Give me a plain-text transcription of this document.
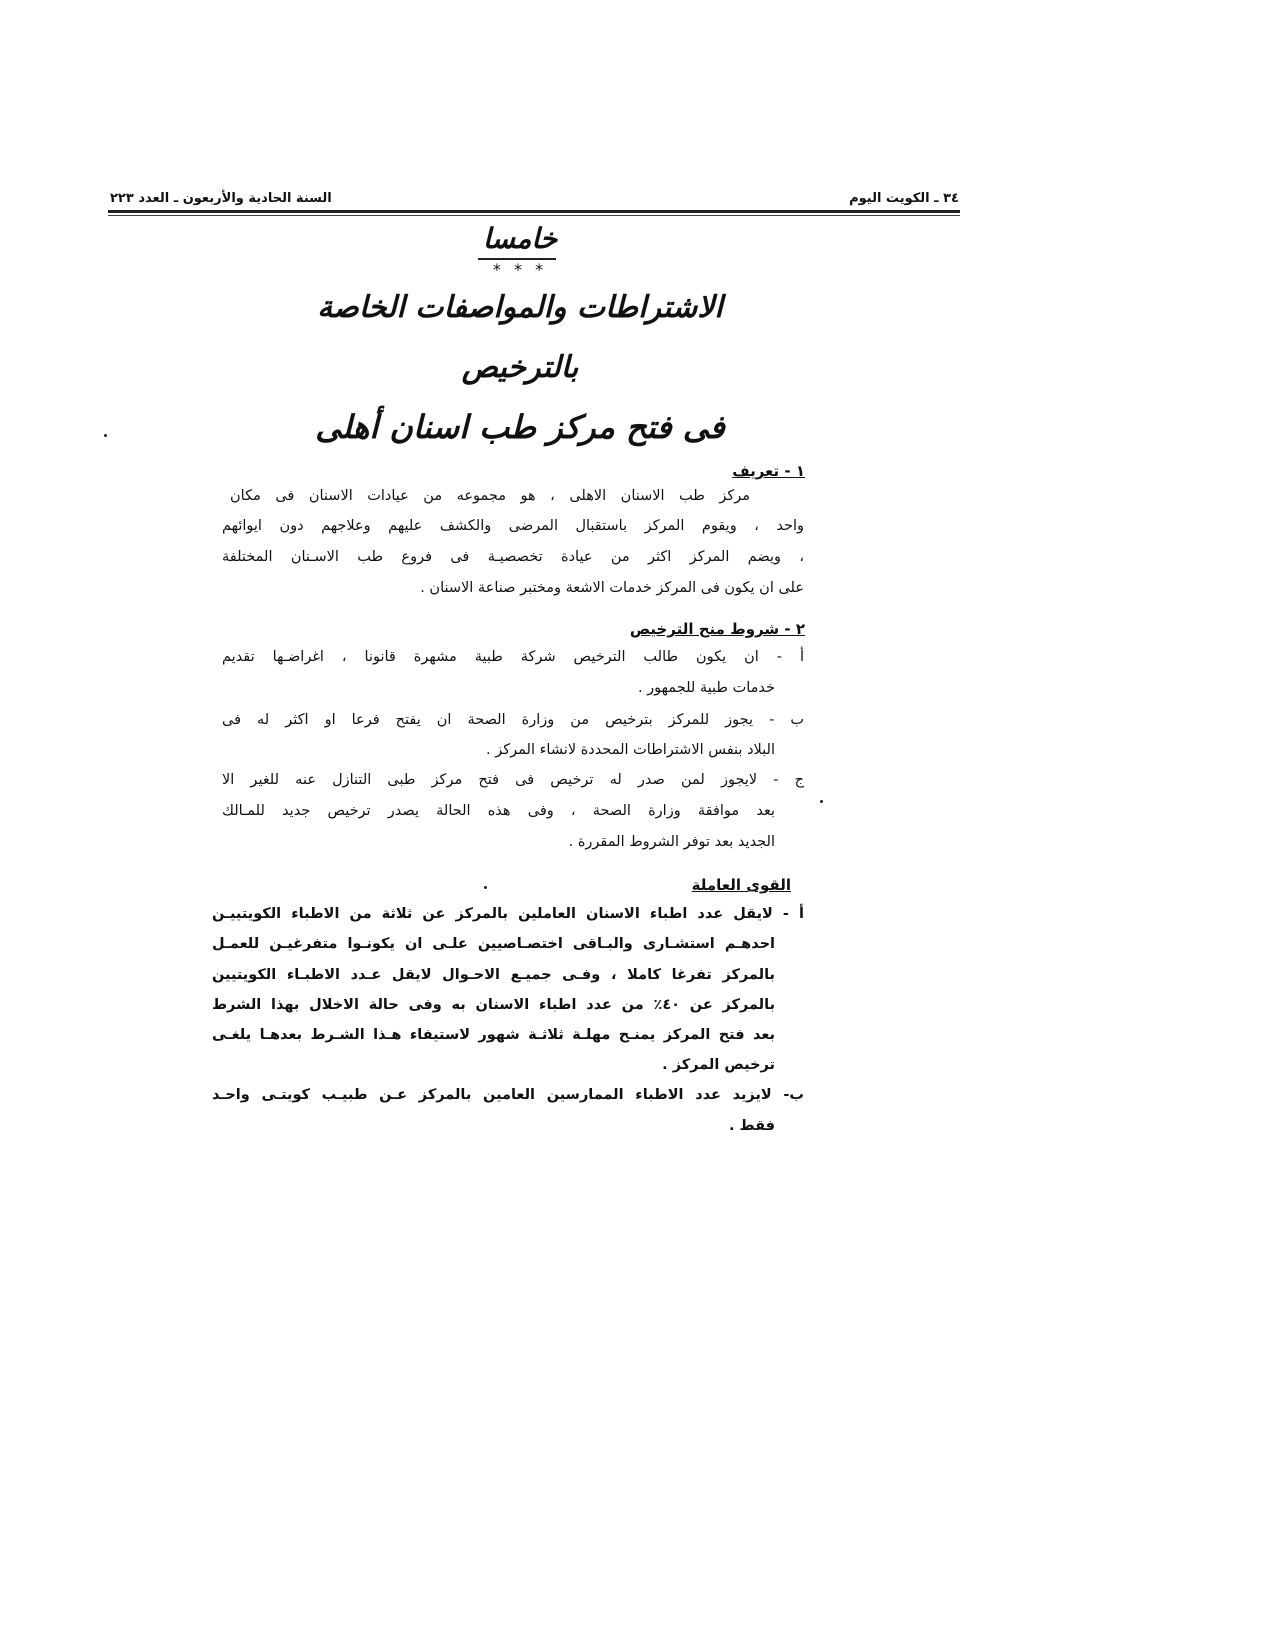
٣٤ ـ الكويت اليوم
السنة الحادية والأربعون ـ العدد ٢٢٣
خامسا
* * *
الاشتراطات والمواصفات الخاصة
بالترخيص
فى فتح مركز طب اسنان أهلى
١ - تعريف
مركز طب الاسنان الاهلى ، هو مجموعه من عيادات الاسنان فى مكان
واحد ، ويقوم المركز باستقبال المرضى والكشف عليهم وعلاجهم دون ايوائهم
، ويضم المركز اكثر من عيادة تخصصيـة فى فروع طب الاسـنان المختلفة
على ان يكون فى المركز خدمات الاشعة ومختبر صناعة الاسنان .
٢ - شروط منح الترخيص
أ - ان يكون طالب الترخيص شركة طبية مشهرة قانونا ، اغراضـها تقديم
خدمات طبية للجمهور .
ب - يجوز للمركز بترخيص من وزارة الصحة ان يفتح فرعا او اكثر له فى
البلاد بنفس الاشتراطات المحددة لانشاء المركز .
ج - لايجوز لمن صدر له ترخيص فى فتح مركز طبى التنازل عنه للغير الا
بعد موافقة وزارة الصحة ، وفى هذه الحالة يصدر ترخيص جديد للمـالك
الجديد بعد توفر الشروط المقررة .
القوى العاملة
أ - لايقل عدد اطباء الاسنان العاملين بالمركز عن ثلاثة من الاطباء الكويتييـن
احدهـم استشـارى والبـاقى اختصـاصيين علـى ان يكونـوا متفرغيـن للعمـل
بالمركز تفرغا كاملا ، وفـى جميـع الاحـوال لايقل عـدد الاطبـاء الكويتيين
بالمركز عن ٤٠٪ من عدد اطباء الاسنان به وفى حالة الاخلال بهذا الشرط
بعد فتح المركز يمنـح مهلـة ثلاثـة شهور لاستيفاء هـذا الشـرط بعدهـا يلغـى
ترخيص المركز .
ب- لايزيد عدد الاطباء الممارسين العامين بالمركز عـن طبيـب كويتـى واحـد
فقط .
